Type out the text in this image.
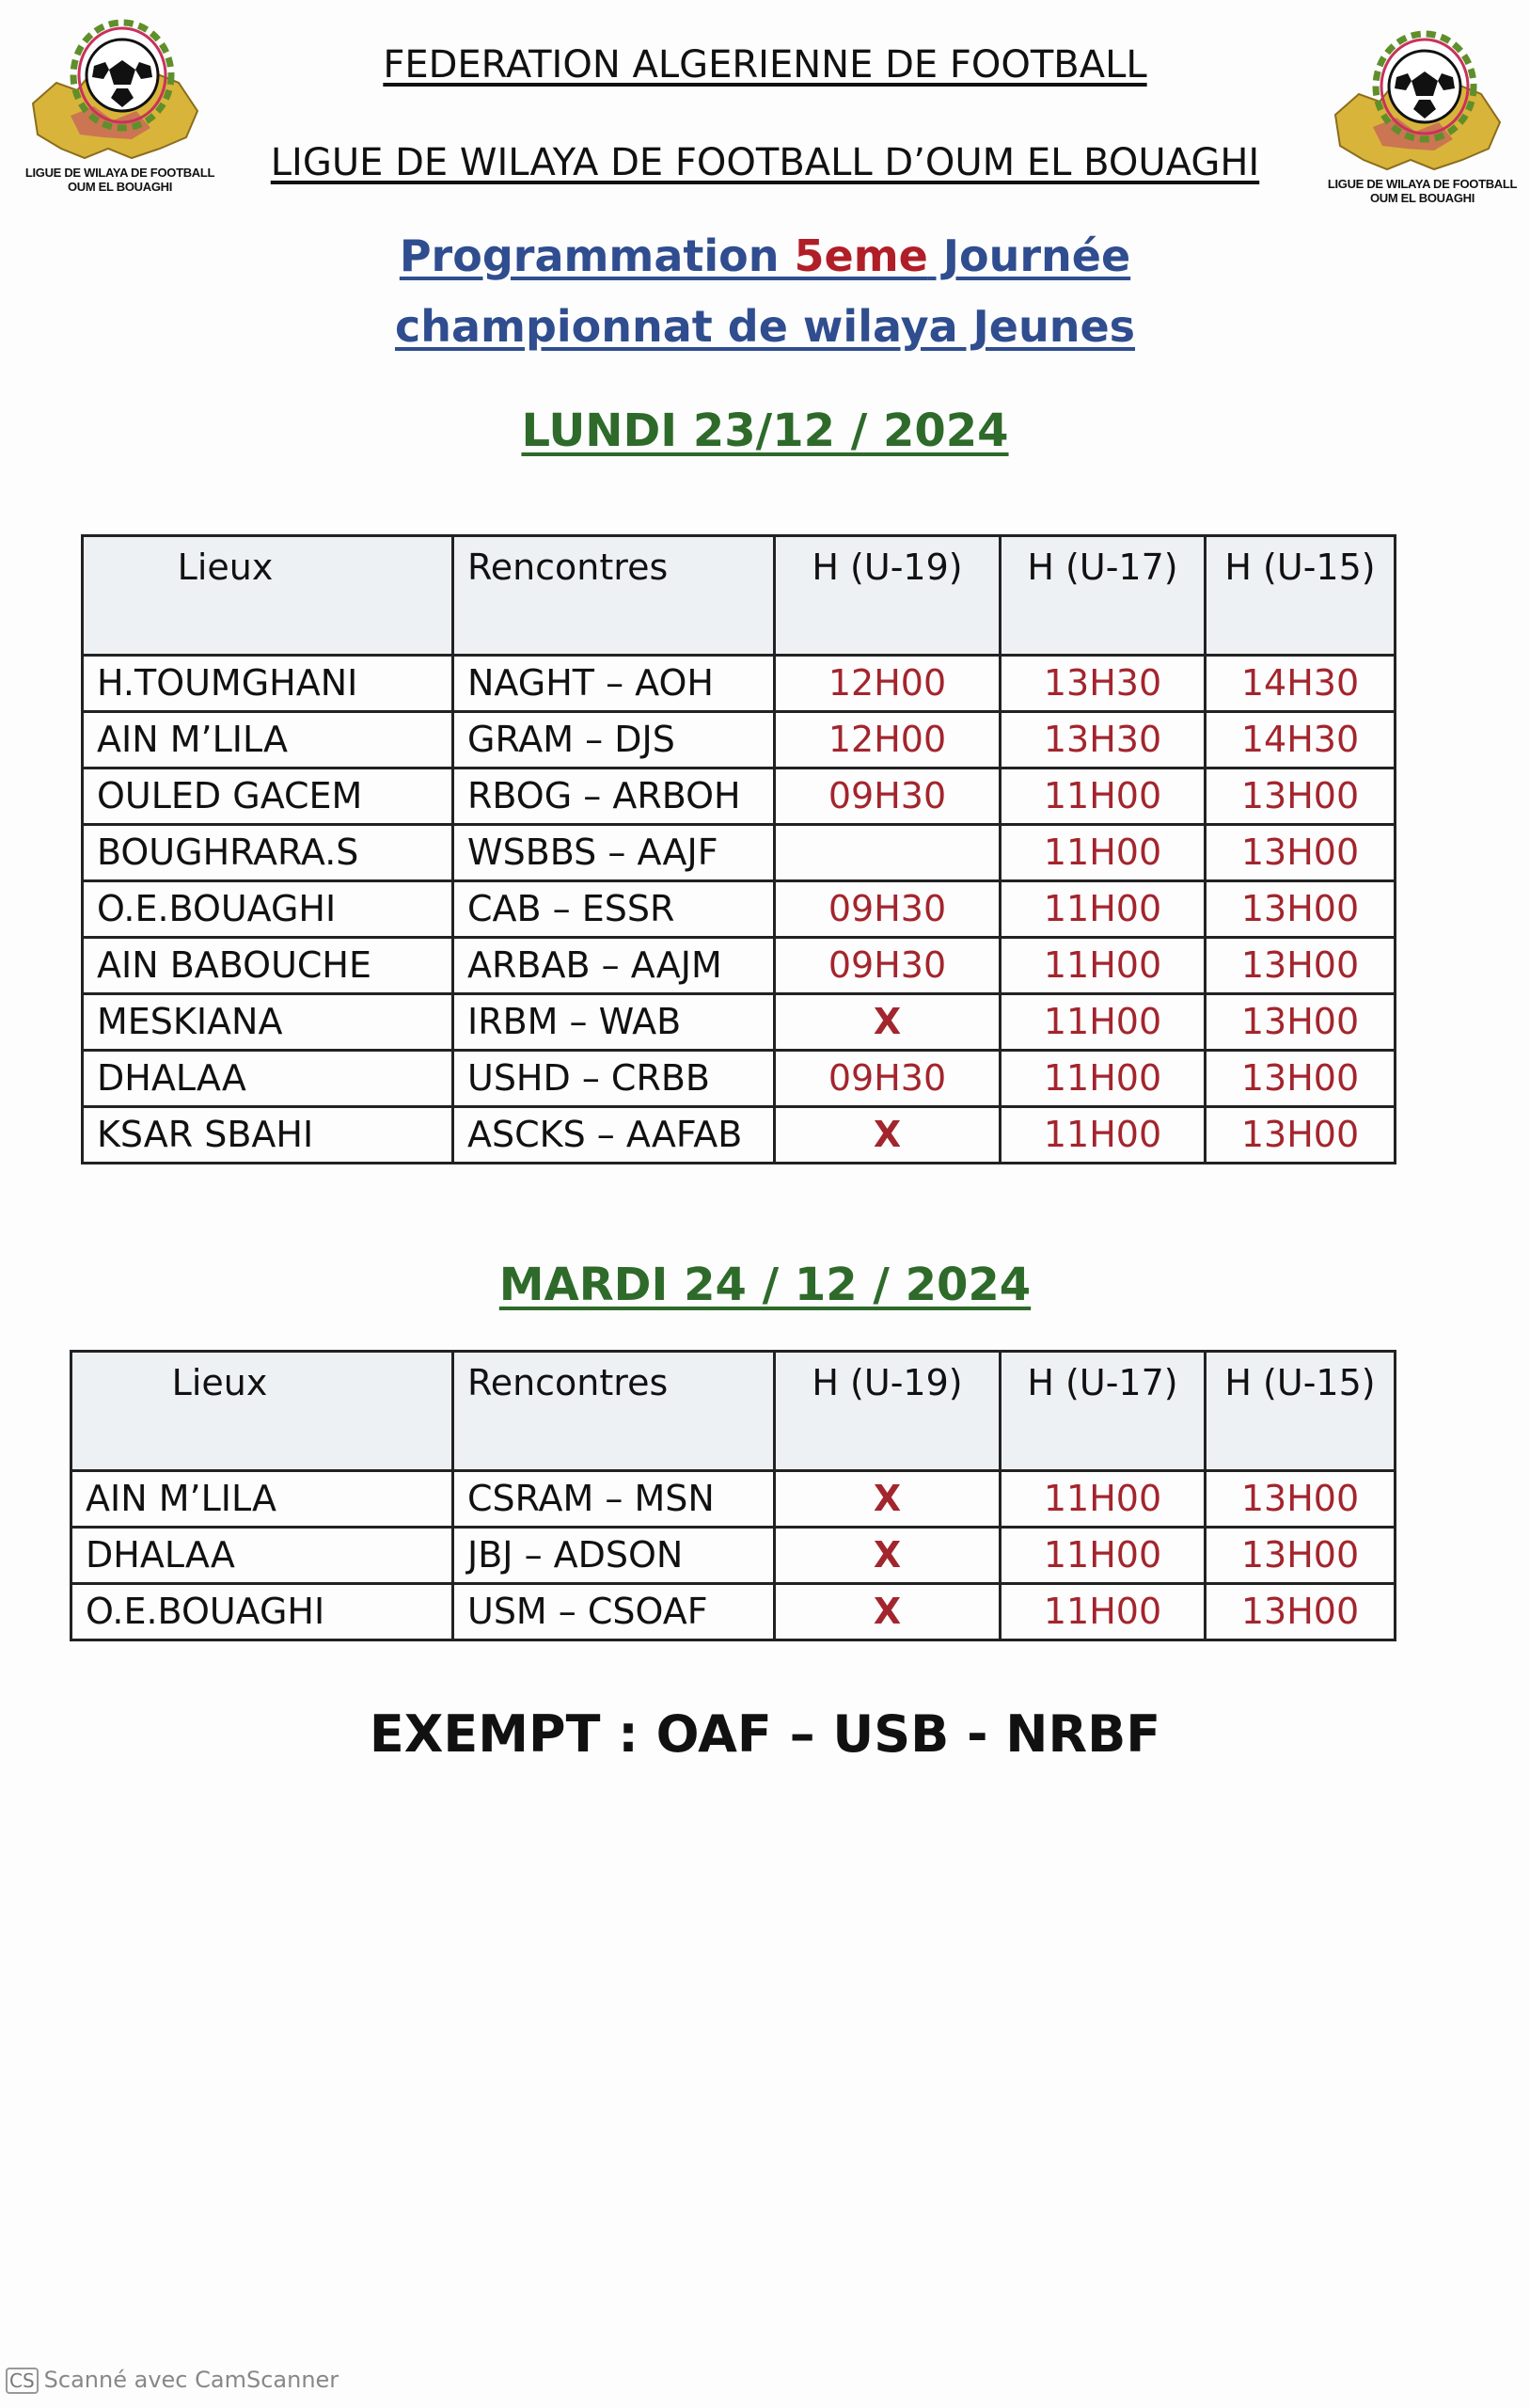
LIGUE DE WILAYA DE FOOTBALL
OUM EL BOUAGHI	LIGUE DE WILAYA DE FOOTBALL
OUM EL BOUAGHI
FEDERATION ALGERIENNE DE FOOTBALL
LIGUE DE WILAYA DE FOOTBALL D’OUM EL BOUAGHI
Programmation 5eme Journée
championnat de wilaya Jeunes
LUNDI 23/12 / 2024
Lieux	Rencontres	H (U-19)	H (U-17)	H (U-15)
H.TOUMGHANI	NAGHT – AOH	12H00	13H30	14H30
AIN M’LILA	GRAM – DJS	12H00	13H30	14H30
OULED GACEM	RBOG – ARBOH	09H30	11H00	13H00
BOUGHRARA.S	WSBBS – AAJF		11H00	13H00
O.E.BOUAGHI	CAB – ESSR	09H30	11H00	13H00
AIN BABOUCHE	ARBAB – AAJM	09H30	11H00	13H00
MESKIANA	IRBM – WAB	X	11H00	13H00
DHALAA	USHD – CRBB	09H30	11H00	13H00
KSAR SBAHI	ASCKS – AAFAB	X	11H00	13H00
MARDI 24 / 12 / 2024
Lieux	Rencontres	H (U-19)	H (U-17)	H (U-15)
AIN M’LILA	CSRAM – MSN	X	11H00	13H00
DHALAA	JBJ – ADSON	X	11H00	13H00
O.E.BOUAGHI	USM – CSOAF	X	11H00	13H00
EXEMPT : OAF – USB - NRBF
CS Scanné avec CamScanner
